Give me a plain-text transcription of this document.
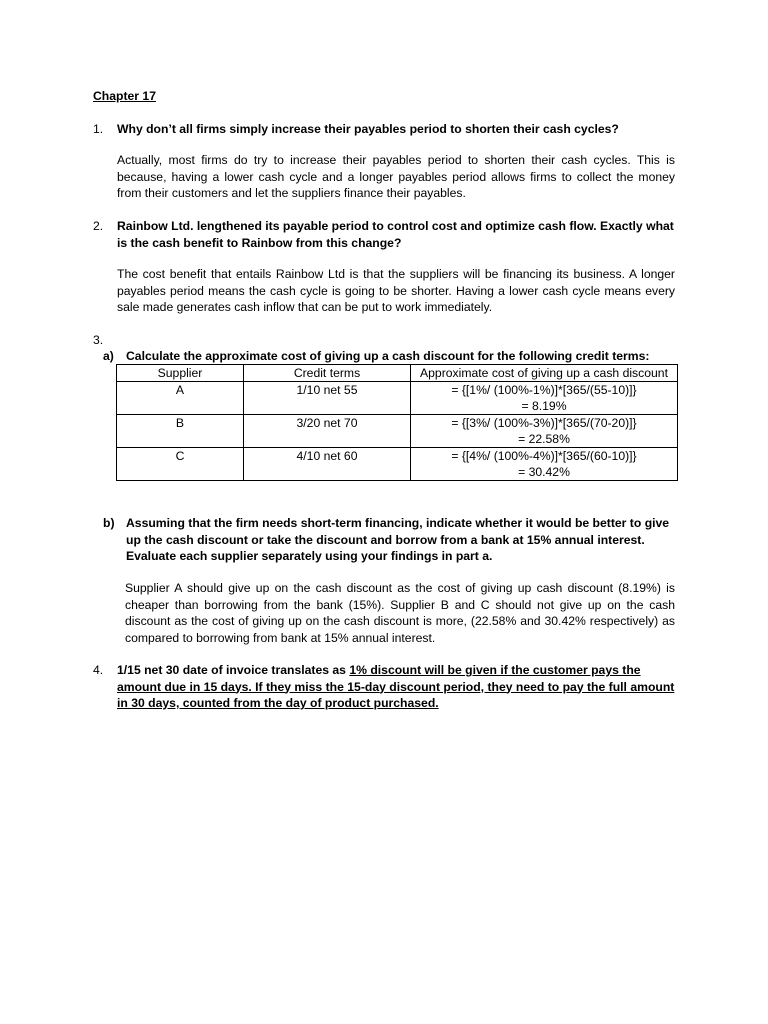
Chapter 17
1. Why don’t all firms simply increase their payables period to shorten their cash cycles?
Actually, most firms do try to increase their payables period to shorten their cash cycles. This is because, having a lower cash cycle and a longer payables period allows firms to collect the money from their customers and let the suppliers finance their payables.
2. Rainbow Ltd. lengthened its payable period to control cost and optimize cash flow. Exactly what is the cash benefit to Rainbow from this change?
The cost benefit that entails Rainbow Ltd is that the suppliers will be financing its business. A longer payables period means the cash cycle is going to be shorter. Having a lower cash cycle means every sale made generates cash inflow that can be put to work immediately.
3.
a) Calculate the approximate cost of giving up a cash discount for the following credit terms:
Supplier	Credit terms	Approximate cost of giving up a cash discount
A	1/10 net 55	= {[1%/ (100%-1%)]*[365/(55-10)]}
= 8.19%

B	3/20 net 70	= {[3%/ (100%-3%)]*[365/(70-20)]}
= 22.58%

C	4/10 net 60	= {[4%/ (100%-4%)]*[365/(60-10)]}
= 30.42%
b) Assuming that the firm needs short-term financing, indicate whether it would be better to give up the cash discount or take the discount and borrow from a bank at 15% annual interest. Evaluate each supplier separately using your findings in part a.
Supplier A should give up on the cash discount as the cost of giving up cash discount (8.19%) is cheaper than borrowing from the bank (15%). Supplier B and C should not give up on the cash discount as the cost of giving up on the cash discount is more, (22.58% and 30.42% respectively) as compared to borrowing from bank at 15% annual interest.
4. 1/15 net 30 date of invoice translates as 1% discount will be given if the customer pays the amount due in 15 days. If they miss the 15-day discount period, they need to pay the full amount in 30 days, counted from the day of product purchased.
